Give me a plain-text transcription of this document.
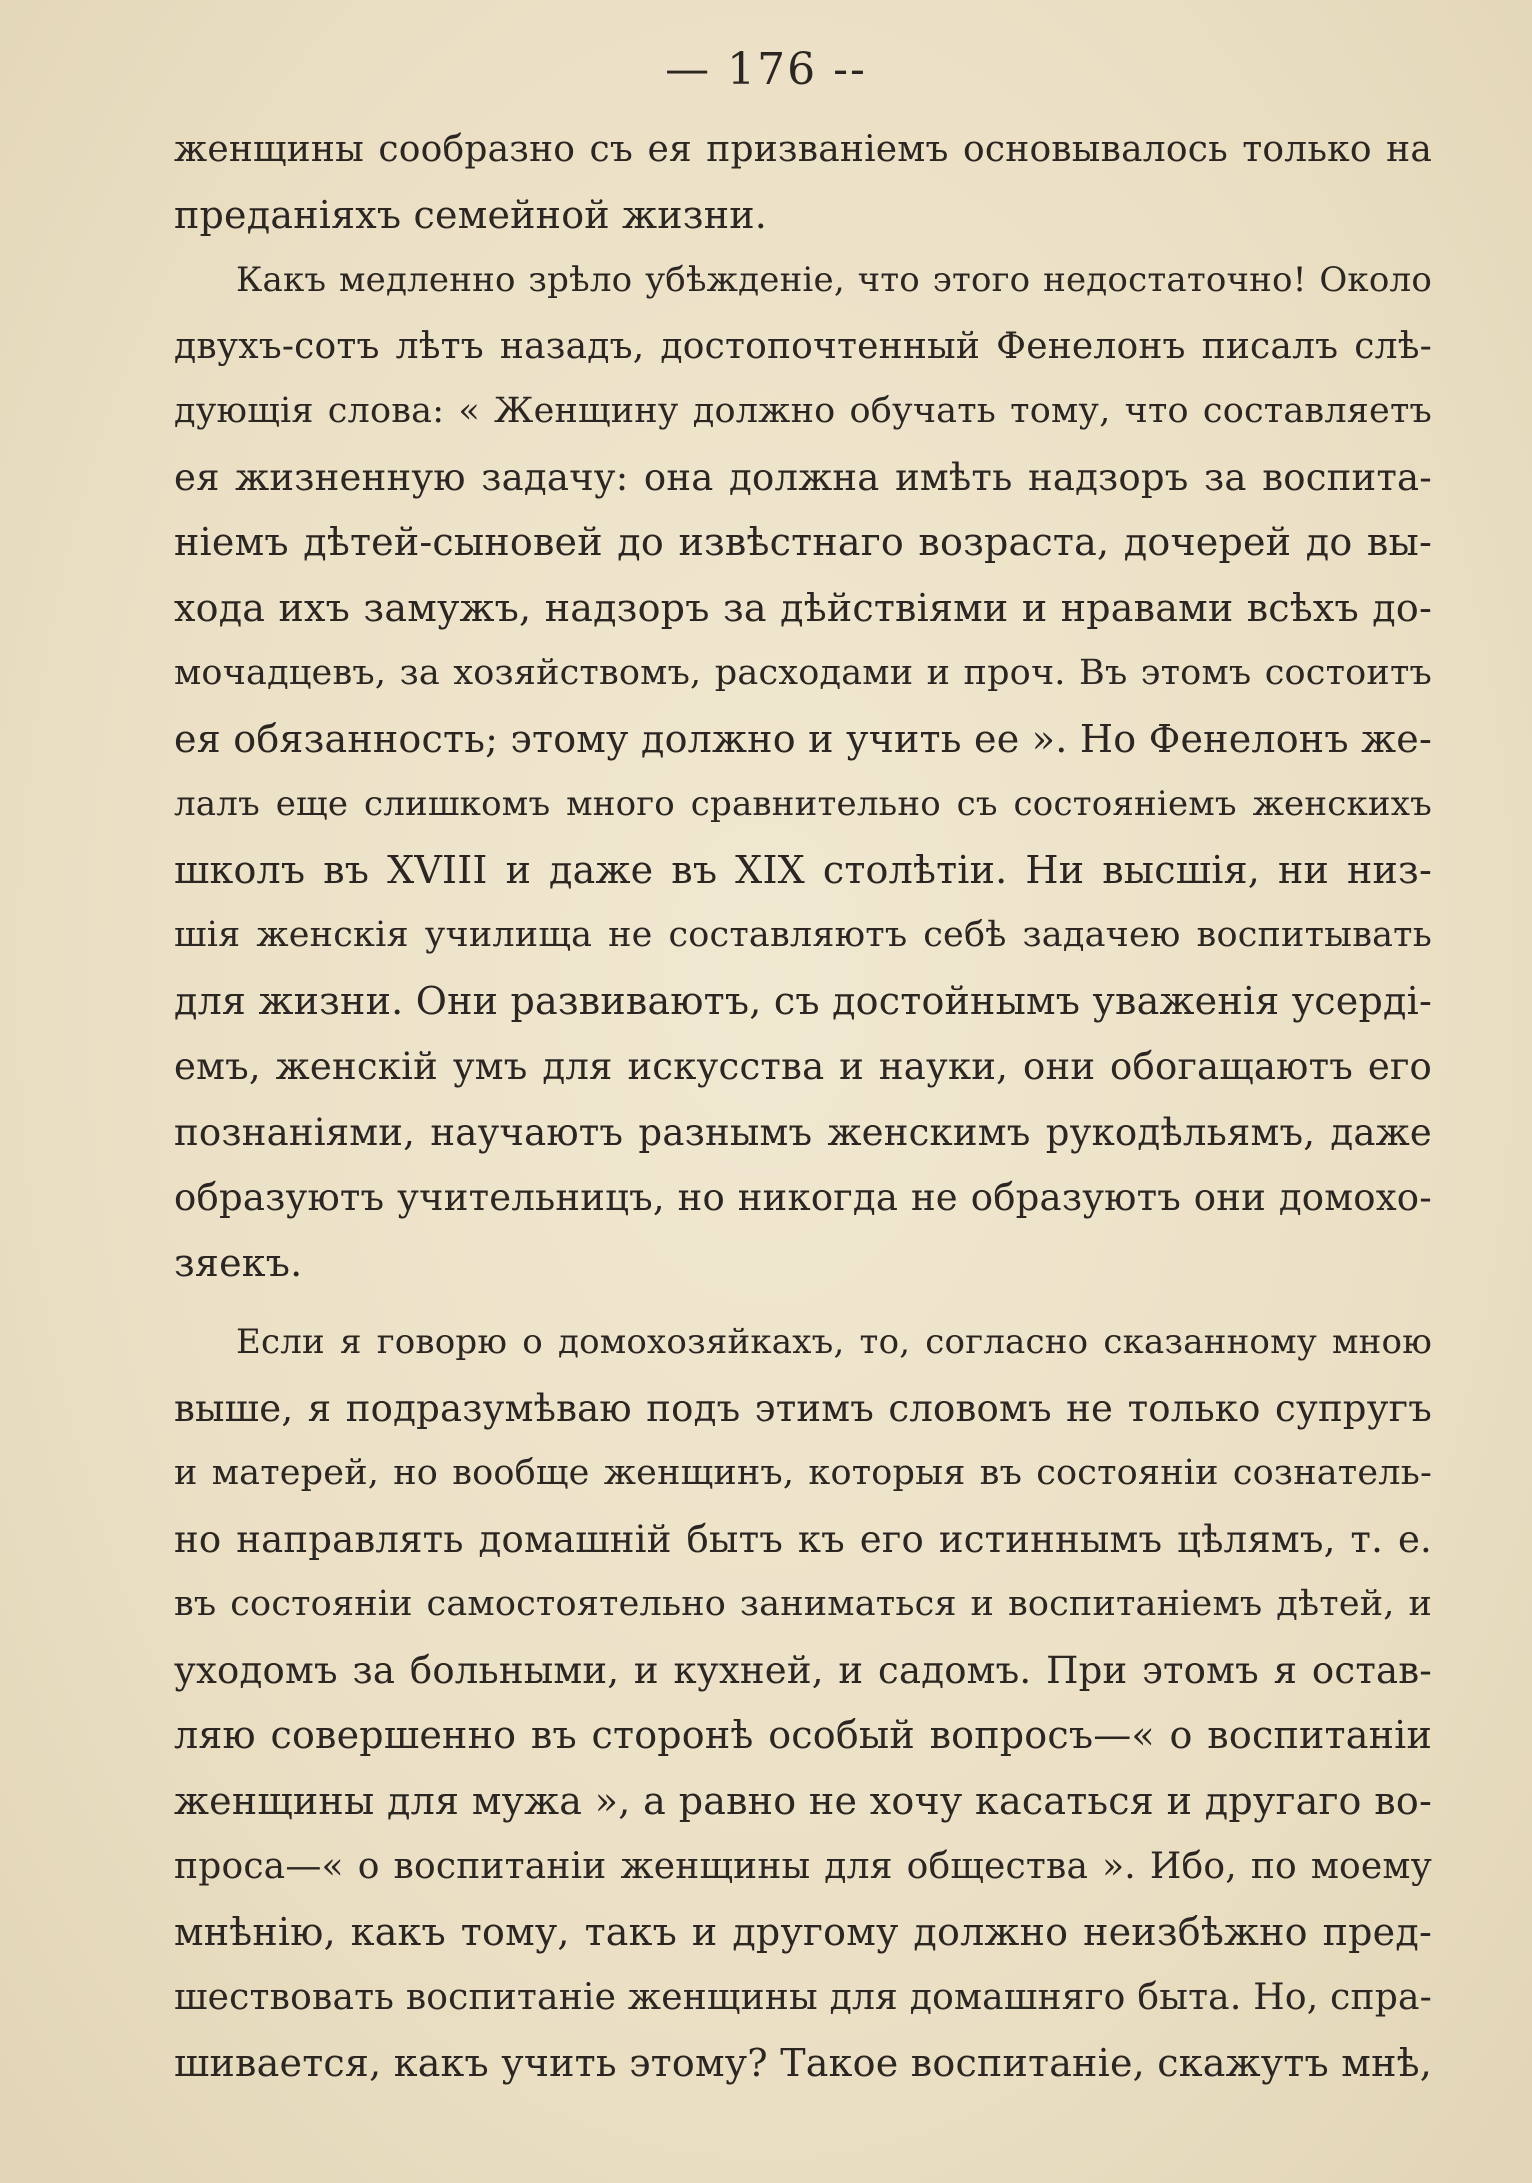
— 176 --
женщины сообразно съ ея призваніемъ основывалось только на
преданіяхъ семейной жизни.
Какъ медленно зрѣло убѣжденіе, что этого недостаточно! Около
двухъ-сотъ лѣтъ назадъ, достопочтенный Фенелонъ писалъ слѣ-
дующія слова: « Женщину должно обучать тому, что составляетъ
ея жизненную задачу: она должна имѣть надзоръ за воспита-
ніемъ дѣтей-сыновей до извѣстнаго возраста, дочерей до вы-
хода ихъ замужъ, надзоръ за дѣйствіями и нравами всѣхъ до-
мочадцевъ, за хозяйствомъ, расходами и проч. Въ этомъ состоитъ
ея обязанность; этому должно и учить ее ». Но Фенелонъ же-
лалъ еще слишкомъ много сравнительно съ состояніемъ женскихъ
школъ въ XVIII и даже въ XIX столѣтіи. Ни высшія, ни низ-
шія женскія училища не составляютъ себѣ задачею воспитывать
для жизни. Они развиваютъ, съ достойнымъ уваженія усерді-
емъ, женскій умъ для искусства и науки, они обогащаютъ его
познаніями, научаютъ разнымъ женскимъ рукодѣльямъ, даже
образуютъ учительницъ, но никогда не образуютъ они домохо-
зяекъ.
Если я говорю о домохозяйкахъ, то, согласно сказанному мною
выше, я подразумѣваю подъ этимъ словомъ не только супругъ
и матерей, но вообще женщинъ, которыя въ состояніи сознатель-
но направлять домашній бытъ къ его истиннымъ цѣлямъ, т. е.
въ состояніи самостоятельно заниматься и воспитаніемъ дѣтей, и
уходомъ за больными, и кухней, и садомъ. При этомъ я остав-
ляю совершенно въ сторонѣ особый вопросъ—« о воспитаніи
женщины для мужа », а равно не хочу касаться и другаго во-
проса—« о воспитаніи женщины для общества ». Ибо, по моему
мнѣнію, какъ тому, такъ и другому должно неизбѣжно пред-
шествовать воспитаніе женщины для домашняго быта. Но, спра-
шивается, какъ учить этому? Такое воспитаніе, скажутъ мнѣ,
